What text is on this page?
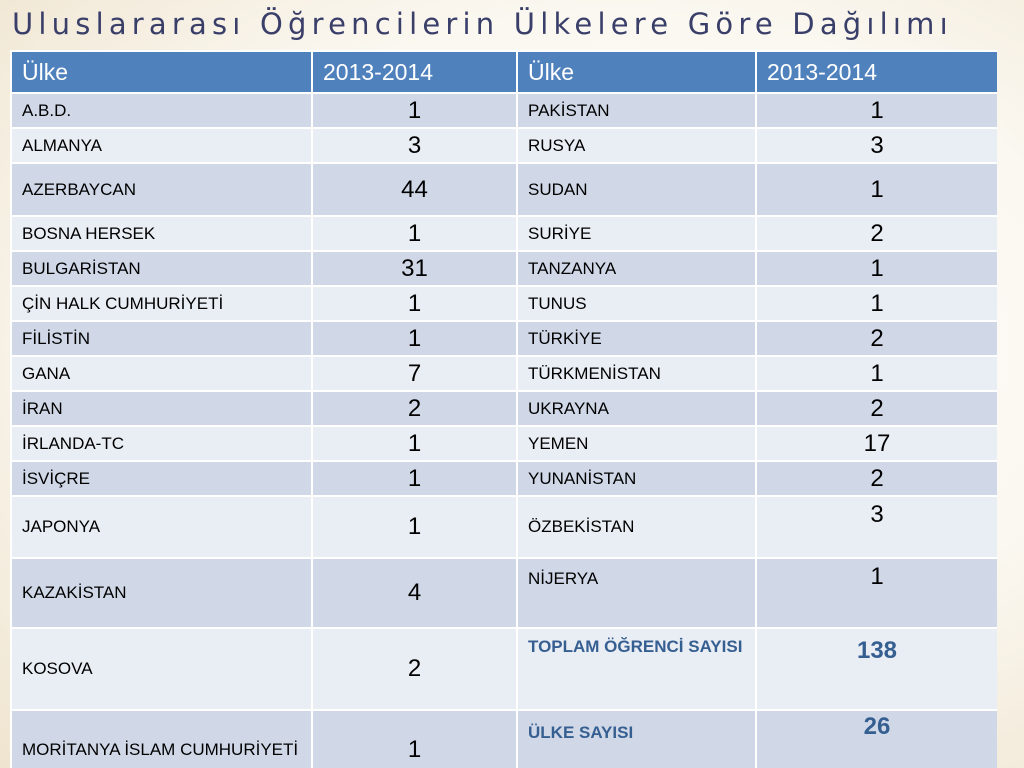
Uluslararası Öğrencilerin Ülkelere Göre Dağılımı
Ülke	2013-2014	Ülke	2013-2014
A.B.D.	1	PAKİSTAN	1
ALMANYA	3	RUSYA	3
AZERBAYCAN	44	SUDAN	1
BOSNA HERSEK	1	SURİYE	2
BULGARİSTAN	31	TANZANYA	1
ÇİN HALK CUMHURİYETİ	1	TUNUS	1
FİLİSTİN	1	TÜRKİYE	2
GANA	7	TÜRKMENİSTAN	1
İRAN	2	UKRAYNA	2
İRLANDA-TC	1	YEMEN	17
İSVİÇRE	1	YUNANİSTAN	2
JAPONYA	1	ÖZBEKİSTAN	3
KAZAKİSTAN	4	NİJERYA	1
KOSOVA	2	TOPLAM ÖĞRENCİ SAYISI	138
MORİTANYA İSLAM CUMHURİYETİ	1	ÜLKE SAYISI	26
